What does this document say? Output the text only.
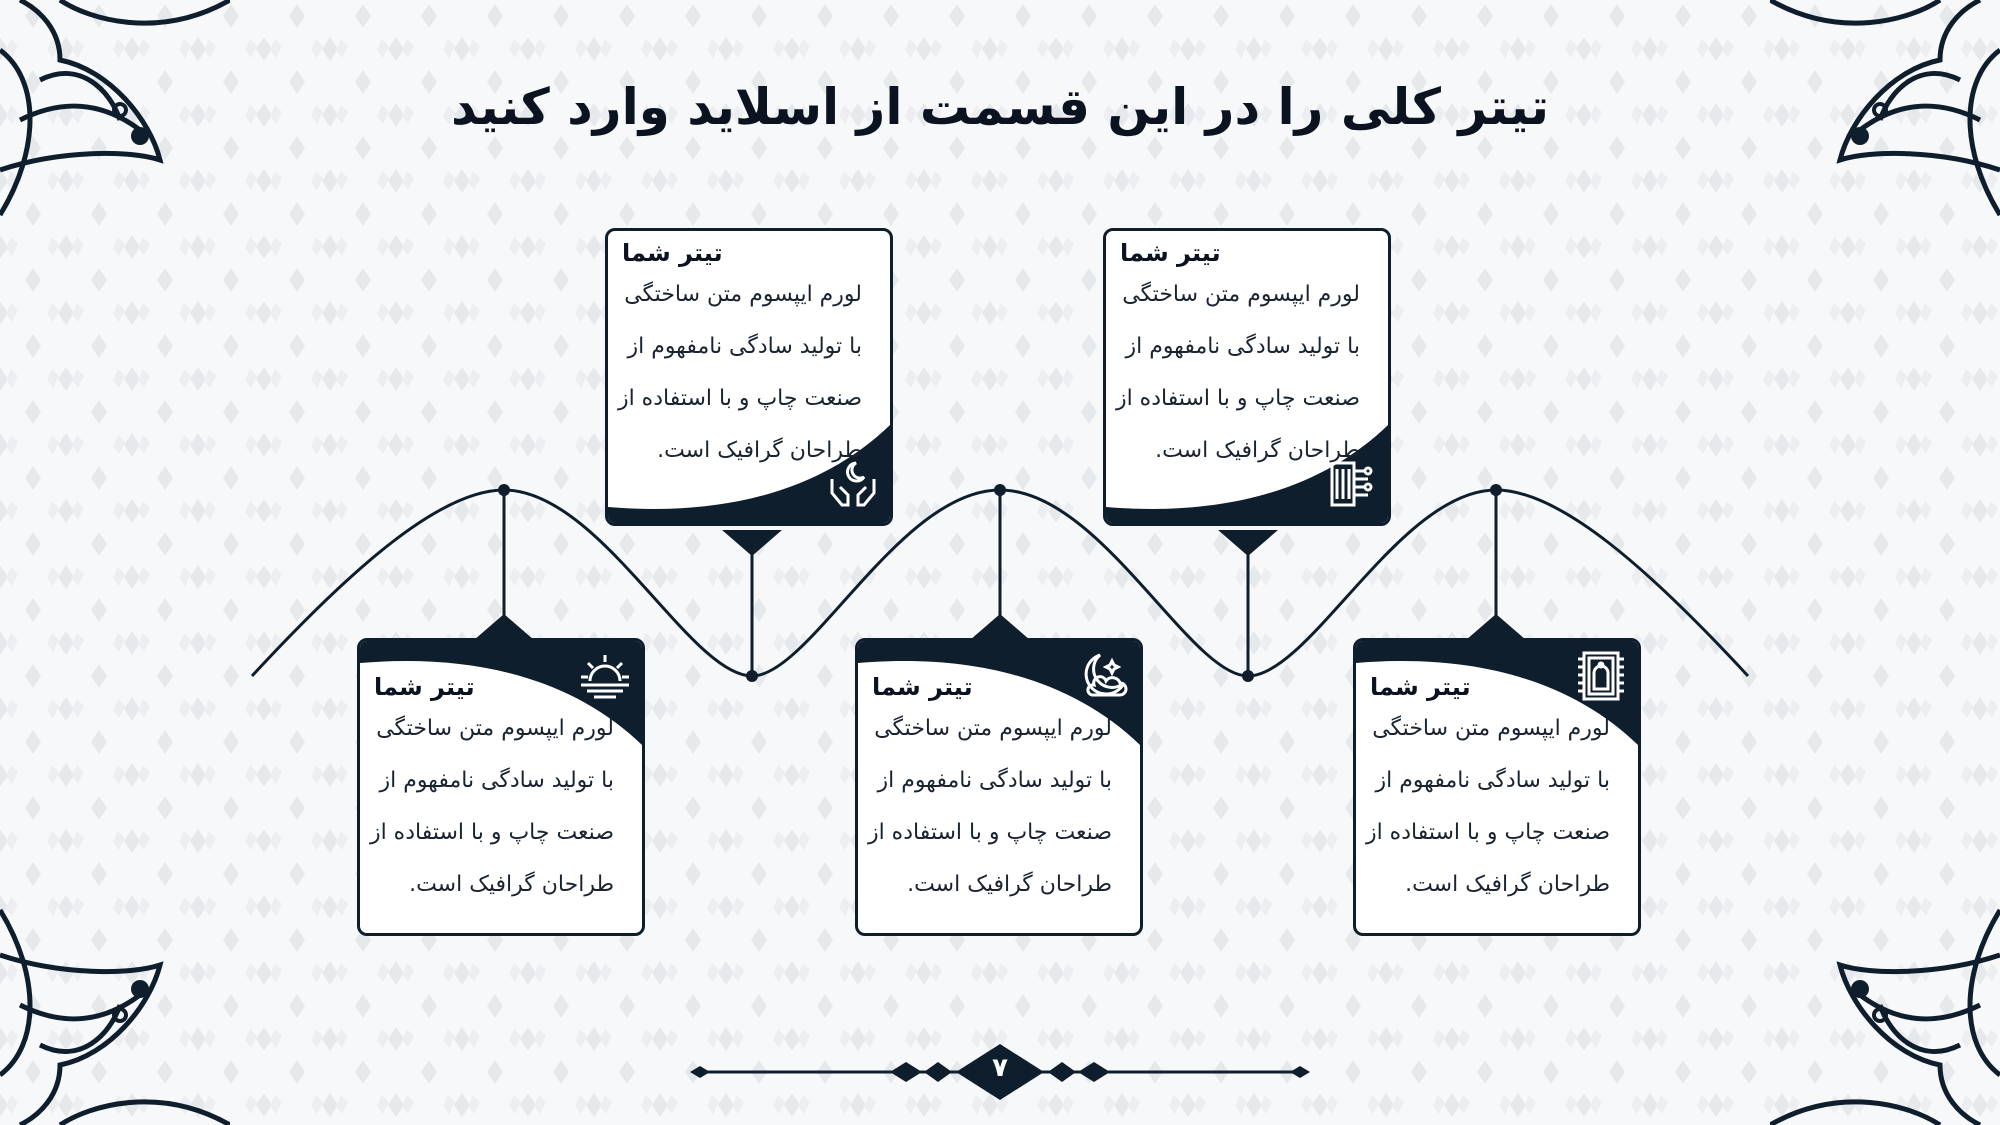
تیتر کلی را در این قسمت از اسلاید وارد کنید
تیتر شما
لورم ایپسوم متن ساختگی
با تولید سادگی نامفهوم از
صنعت چاپ و با استفاده از
طراحان گرافیک است.
تیتر شما
لورم ایپسوم متن ساختگی
با تولید سادگی نامفهوم از
صنعت چاپ و با استفاده از
طراحان گرافیک است.
تیتر شما
لورم ایپسوم متن ساختگی
با تولید سادگی نامفهوم از
صنعت چاپ و با استفاده از
طراحان گرافیک است.
تیتر شما
لورم ایپسوم متن ساختگی
با تولید سادگی نامفهوم از
صنعت چاپ و با استفاده از
طراحان گرافیک است.
تیتر شما
لورم ایپسوم متن ساختگی
با تولید سادگی نامفهوم از
صنعت چاپ و با استفاده از
طراحان گرافیک است.
۷
